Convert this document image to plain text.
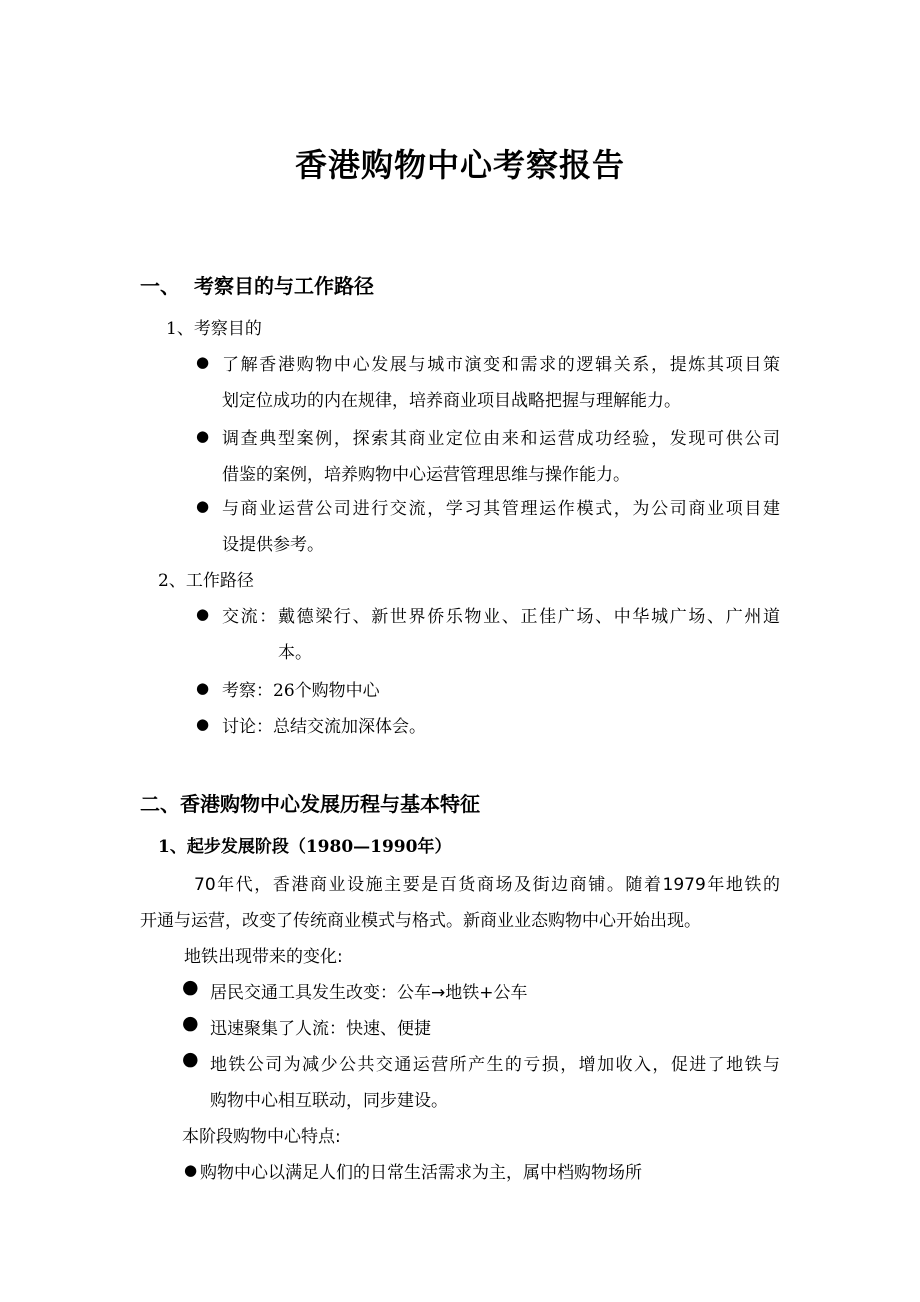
香港购物中心考察报告
一、 考察目的与工作路径
1、考察目的
● 了解香港购物中心发展与城市演变和需求的逻辑关系，提炼其项目策
划定位成功的内在规律，培养商业项目战略把握与理解能力。
● 调查典型案例，探索其商业定位由来和运营成功经验，发现可供公司
借鉴的案例，培养购物中心运营管理思维与操作能力。
● 与商业运营公司进行交流，学习其管理运作模式，为公司商业项目建
设提供参考。
2、工作路径
● 交流：戴德梁行、新世界侨乐物业、正佳广场、中华城广场、广州道
本。
● 考察：26个购物中心
● 讨论：总结交流加深体会。
二、香港购物中心发展历程与基本特征
1、起步发展阶段（1980—1990年）
70年代，香港商业设施主要是百货商场及街边商铺。随着1979年地铁的
开通与运营，改变了传统商业模式与格式。新商业业态购物中心开始出现。
地铁出现带来的变化:
● 居民交通工具发生改变：公车→地铁+公车
● 迅速聚集了人流：快速、便捷
● 地铁公司为减少公共交通运营所产生的亏损，增加收入，促进了地铁与
购物中心相互联动，同步建设。
本阶段购物中心特点:
● 购物中心以满足人们的日常生活需求为主，属中档购物场所
